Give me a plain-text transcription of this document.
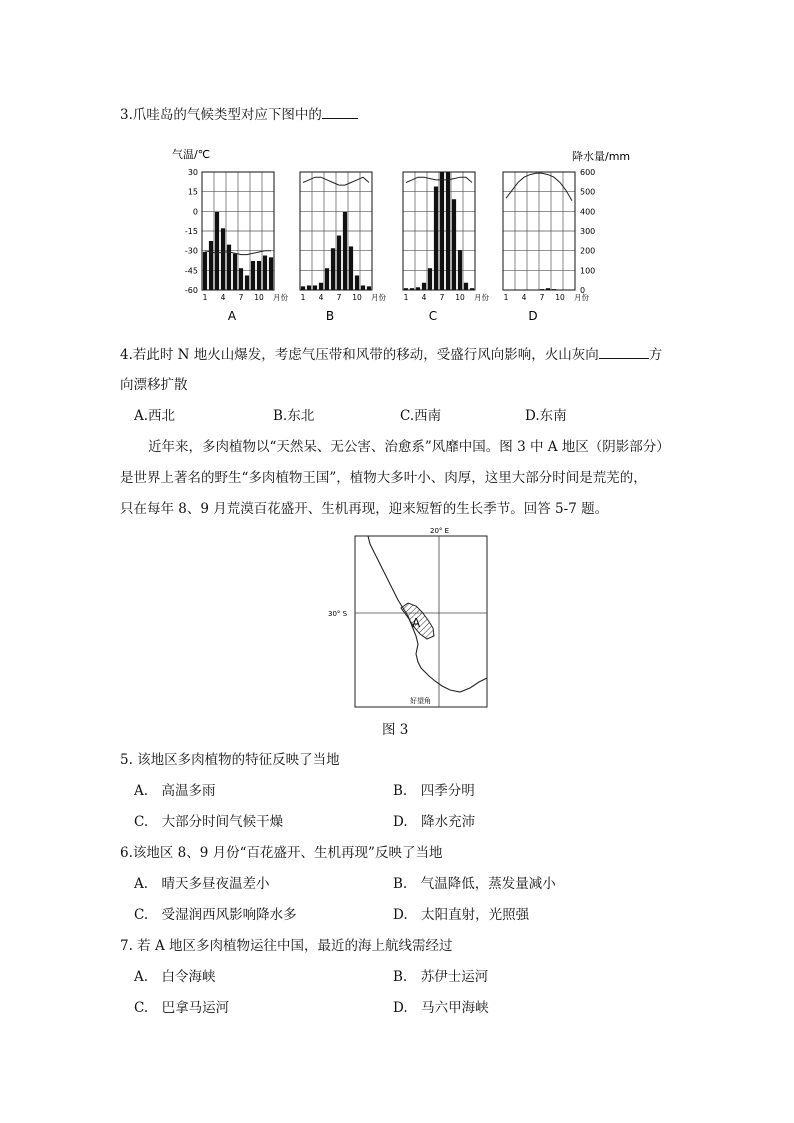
3.爪哇岛的气候类型对应下图中的
气温/℃	降水量/mm
30
15
0
-15
-30
-45
-60
600
500
400
300
200
100
0
1 4 7 10 月份
A
1 4 7 10 月份
B
1 4 7 10 月份
C
1 4 7 10 月份
D
4.若此时 N 地火山爆发，考虑气压带和风带的移动，受盛行风向影响，火山灰向	方
向漂移扩散
A.西北	B.东北	C.西南	D.东南
近年来，多肉植物以“天然呆、无公害、治愈系”风靡中国。图 3 中 A 地区（阴影部分）
是世界上著名的野生“多肉植物王国”，植物大多叶小、肉厚，这里大部分时间是荒芜的，
只在每年 8、9 月荒漠百花盛开、生机再现，迎来短暂的生长季节。回答 5-7 题。
20° E
30° S
A
好望角
图 3
5. 该地区多肉植物的特征反映了当地
A.　高温多雨	B.　四季分明
C.　大部分时间气候干燥	D.　降水充沛
6.该地区 8、9 月份“百花盛开、生机再现”反映了当地
A.　晴天多昼夜温差小	B.　气温降低，蒸发量减小
C.　受湿润西风影响降水多	D.　太阳直射，光照强
7. 若 A 地区多肉植物运往中国，最近的海上航线需经过
A.　白令海峡	B.　苏伊士运河
C.　巴拿马运河	D.　马六甲海峡
